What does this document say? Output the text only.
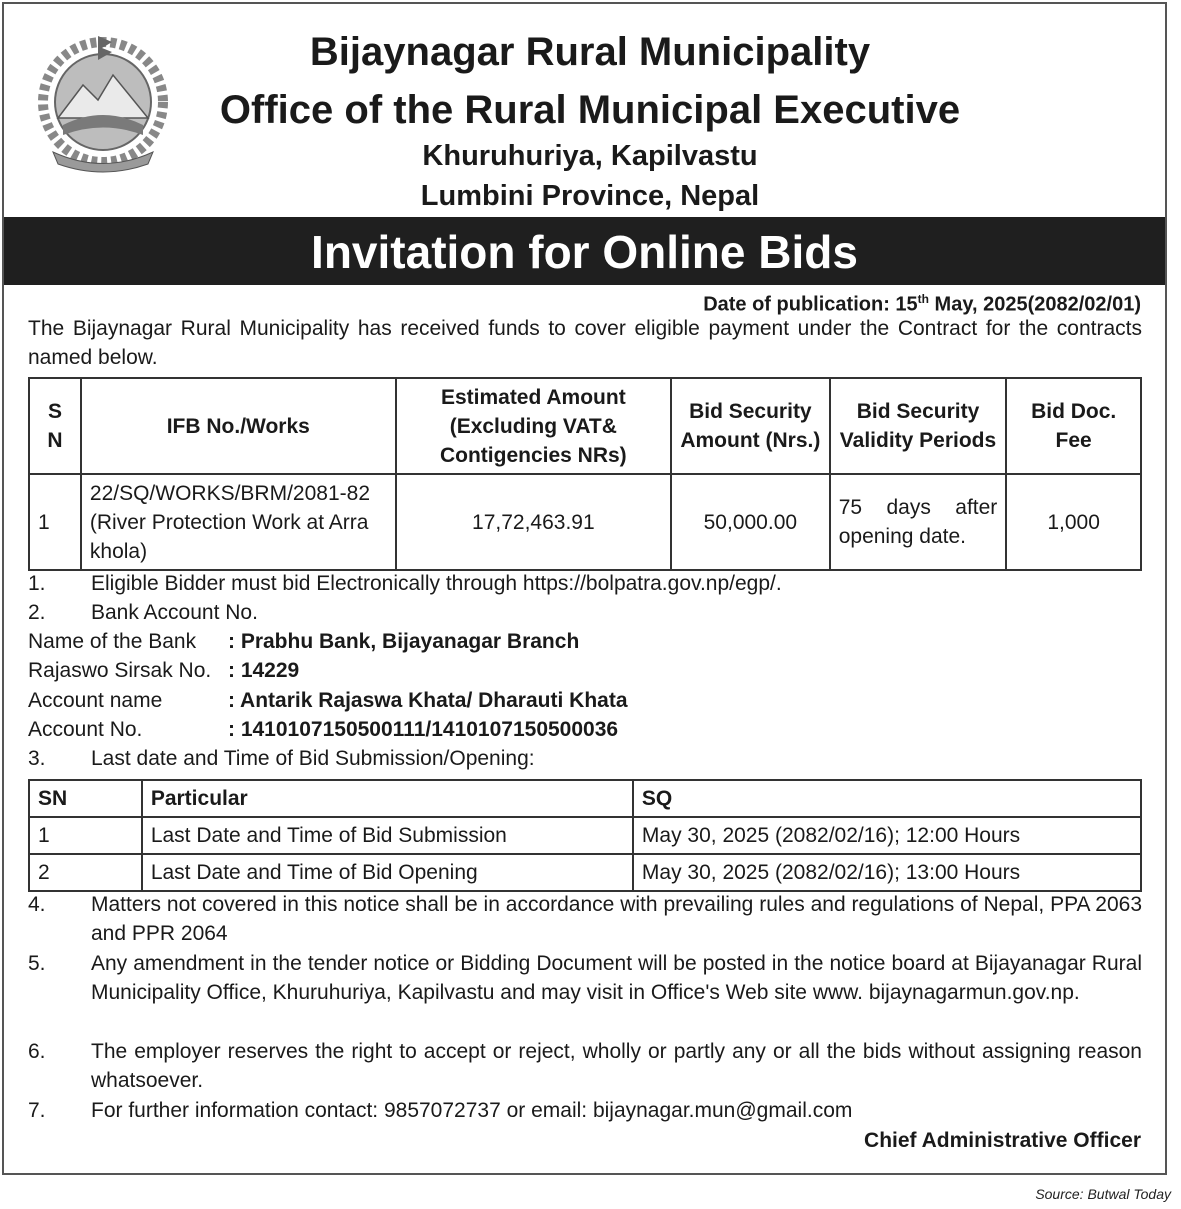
Bijaynagar Rural Municipality
Office of the Rural Municipal Executive
Khuruhuriya, Kapilvastu
Lumbini Province, Nepal
Invitation for Online Bids
Date of publication: 15th May, 2025(2082/02/01)
The Bijaynagar Rural Municipality has received funds to cover eligible payment under the Contract for the contracts named below.
S N	IFB No./Works	Estimated Amount (Excluding VAT& Contigencies NRs)	Bid Security Amount (Nrs.)	Bid Security Validity Periods	Bid Doc. Fee
1	22/SQ/WORKS/BRM/2081-82 (River Protection Work at Arra khola)	17,72,463.91	50,000.00	75 days after opening date.	1,000
1. Eligible Bidder must bid Electronically through https://bolpatra.gov.np/egp/.
2. Bank Account No.
Name of the Bank : Prabhu Bank, Bijayanagar Branch
Rajaswo Sirsak No. : 14229
Account name	: Antarik Rajaswa Khata/ Dharauti Khata
Account No.	: 1410107150500111/1410107150500036
3. Last date and Time of Bid Submission/Opening:
SN	Particular	SQ
1	Last Date and Time of Bid Submission	May 30, 2025 (2082/02/16); 12:00 Hours
2	Last Date and Time of Bid Opening	May 30, 2025 (2082/02/16); 13:00 Hours
4. Matters not covered in this notice shall be in accordance with prevailing rules and regulations of Nepal, PPA 2063 and PPR 2064
5. Any amendment in the tender notice or Bidding Document will be posted in the notice board at Bijayanagar Rural Municipality Office, Khuruhuriya, Kapilvastu and may visit in Office's Web site www. bijaynagarmun.gov.np.
6. The employer reserves the right to accept or reject, wholly or partly any or all the bids without assigning reason whatsoever.
7. For further information contact: 9857072737 or email: bijaynagar.mun@gmail.com
Chief Administrative Officer
Source: Butwal Today
